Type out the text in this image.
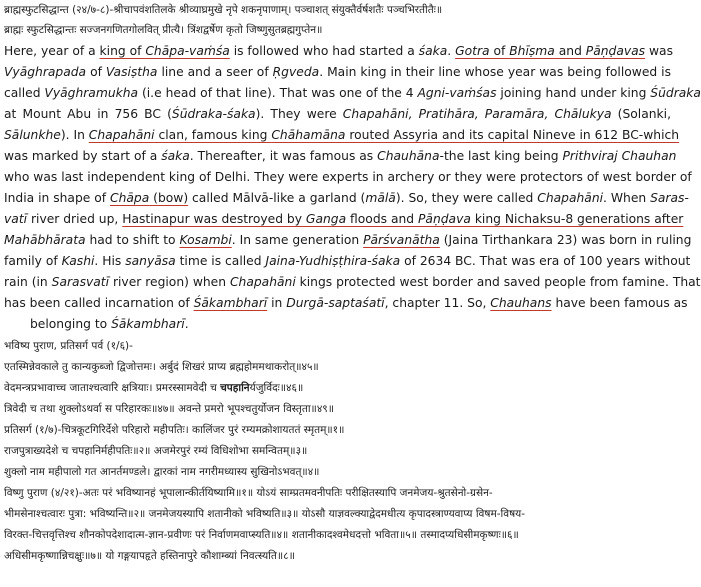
ब्राह्मस्फुटसिद्धान्त (२४/७-८)-श्रीचापवंशतिलके श्रीव्याघ्रमुखे नृपे शकनृपाणाम्। पञ्चाशत् संयुक्तैर्वर्षशतैः पञ्चभिरतीतैः॥
ब्राह्मः स्फुटसिद्धान्तः सज्जनगणितगोलवित् प्रीत्यै। त्रिंशद्वर्षेण कृतो जिष्णुसुतब्रह्मगुप्तेन॥
Here, year of a king of Chāpa-vaṁśa is followed who had started a śaka. Gotra of Bhīṣma and Pāṇḍavas was
Vyāghrapada of Vasiṣtha line and a seer of Ṛgveda. Main king in their line whose year was being followed is
called Vyāghramukha (i.e head of that line). That was one of the 4 Agni-vaṁśas joining hand under king Śūdraka
at Mount Abu in 756 BC (Śūdraka-śaka). They were Chapahāni, Pratihāra, Paramāra, Chālukya (Solanki,
Sālunkhe). In Chapahāni clan, famous king Chāhamāna routed Assyria and its capital Nineve in 612 BC-which
was marked by start of a śaka. Thereafter, it was famous as Chauhāna-the last king being Prithviraj Chauhan
who was last independent king of Delhi. They were experts in archery or they were protectors of west border of
India in shape of Chāpa (bow) called Mālvā-like a garland (mālā). So, they were called Chapahāni. When Saras-
vatī river dried up, Hastinapur was destroyed by Ganga floods and Pāṇḍava king Nichaksu-8 generations after
Mahābhārata had to shift to Kosambi. In same generation Pārśvanātha (Jaina Tirthankara 23) was born in ruling
family of Kashi. His sanyāsa time is called Jaina-Yudhiṣṭhira-śaka of 2634 BC. That was era of 100 years without
rain (in Sarasvatī river region) when Chapahāni kings protected west border and saved people from famine. That
has been called incarnation of Śākambharī in Durgā-saptaśatī, chapter 11. So, Chauhans have been famous as
belonging to Śākambharī.
भविष्य पुराण, प्रतिसर्ग पर्व (१/६)-
एतस्मिन्नेवकाले तु कान्यकुब्जो द्विजोत्तमः। अर्बुदं शिखरं प्राप्य ब्रह्महोममथाकरोत्॥४५॥
वेदमन्त्रप्रभावाच्च जाताश्चत्वारि क्षत्रियाः। प्रमरस्सामवेदी च चपहानिर्यजुर्विदः॥४६॥
त्रिवेदी च तथा शुक्लोऽथर्वा स परिहारकः॥४७॥ अवन्ते प्रमरो भूपश्चतुर्योजन विस्तृता॥४९॥
प्रतिसर्ग (१/७)-चित्रकूटगिरिर्देशे परिहारो महीपतिः। कालिंजर पुरं रम्यमक्रोशायततं स्मृतम्॥१॥
राजपुत्राख्यदेशे च चपहानिर्महीपतिः॥२॥ अजमेरपुरं रम्यं विधिशोभा समन्वितम्॥३॥
शुक्लो नाम महीपालो गत आनर्तमण्डले। द्वारकां नाम नगरीमध्यास्य सुखिनोऽभवत्॥४॥
विष्णु पुराण (४/२१)-अतः परं भविष्यानहं भूपालान्कीर्तयिष्यामि॥१॥ योऽयं साम्प्रतमवनीपतिः परीक्षितस्यापि जनमेजय-श्रुतसेनो-ग्रसेन-
भीमसेनाश्चत्वारः पुत्रा: भविष्यन्ति॥२॥ जनमेजयस्यापि शतानीको भविष्यति॥३॥ योऽसौ याज्ञवल्क्याद्वेदमधीत्य कृपादस्त्राण्यवाप्य विषम-विषय-
विरक्त-चित्तवृत्तिश्च शौनकोपदेशादात्म-ज्ञान-प्रवीणः परं निर्वाणमवाप्स्यति॥४॥ शतानीकादश्वमेधदत्तो भविता॥५॥ तस्मादप्यधिसीमकृष्णः॥६॥
अधिसीमकृष्णान्निचक्षुः॥७॥ यो गङ्गयापहृते हस्तिनापुरे कौशाम्ब्यां निवत्स्यति॥८॥
